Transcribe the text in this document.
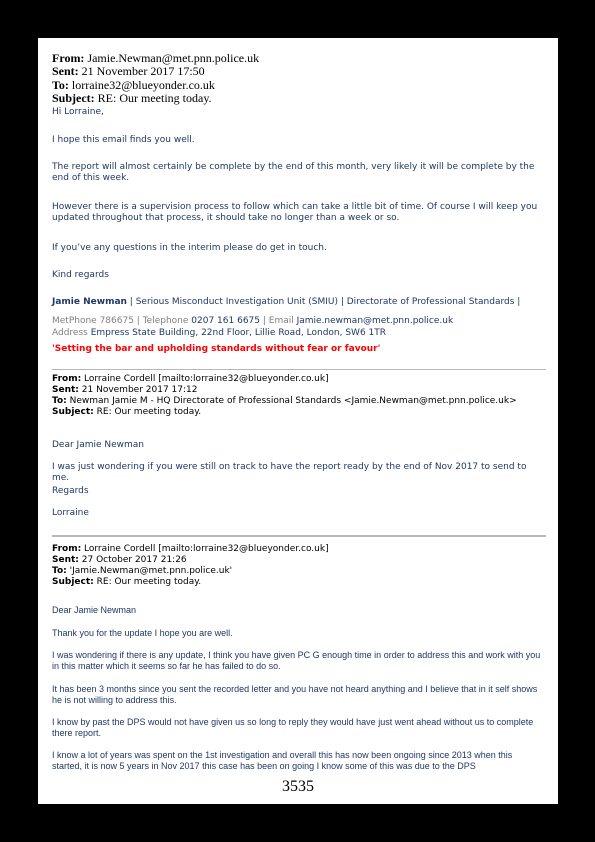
From: Jamie.Newman@met.pnn.police.uk
Sent: 21 November 2017 17:50
To: lorraine32@blueyonder.co.uk
Subject: RE: Our meeting today.
Hi Lorraine,
I hope this email finds you well.
The report will almost certainly be complete by the end of this month, very likely it will be complete by the end of this week.
However there is a supervision process to follow which can take a little bit of time. Of course I will keep you updated throughout that process, it should take no longer than a week or so.
If you’ve any questions in the interim please do get in touch.
Kind regards
Jamie Newman | Serious Misconduct Investigation Unit (SMIU) | Directorate of Professional Standards |
MetPhone 786675 | Telephone 0207 161 6675 | Email Jamie.newman@met.pnn.police.uk
Address Empress State Building, 22nd Floor, Lillie Road, London, SW6 1TR
'Setting the bar and upholding standards without fear or favour'
From: Lorraine Cordell [mailto:lorraine32@blueyonder.co.uk]
Sent: 21 November 2017 17:12
To: Newman Jamie M - HQ Directorate of Professional Standards <Jamie.Newman@met.pnn.police.uk>
Subject: RE: Our meeting today.
Dear Jamie Newman
I was just wondering if you were still on track to have the report ready by the end of Nov 2017 to send to me.
Regards
Lorraine
From: Lorraine Cordell [mailto:lorraine32@blueyonder.co.uk]
Sent: 27 October 2017 21:26
To: 'Jamie.Newman@met.pnn.police.uk'
Subject: RE: Our meeting today.
Dear Jamie Newman
Thank you for the update I hope you are well.
I was wondering if there is any update, I think you have given PC G enough time in order to address this and work with you in this matter which it seems so far he has failed to do so.
It has been 3 months since you sent the recorded letter and you have not heard anything and I believe that in it self shows he is not willing to address this.
I know by past the DPS would not have given us so long to reply they would have just went ahead without us to complete there report.
I know a lot of years was spent on the 1st investigation and overall this has now been ongoing since 2013 when this started, it is now 5 years in Nov 2017 this case has been on going I know some of this was due to the DPS
3535
